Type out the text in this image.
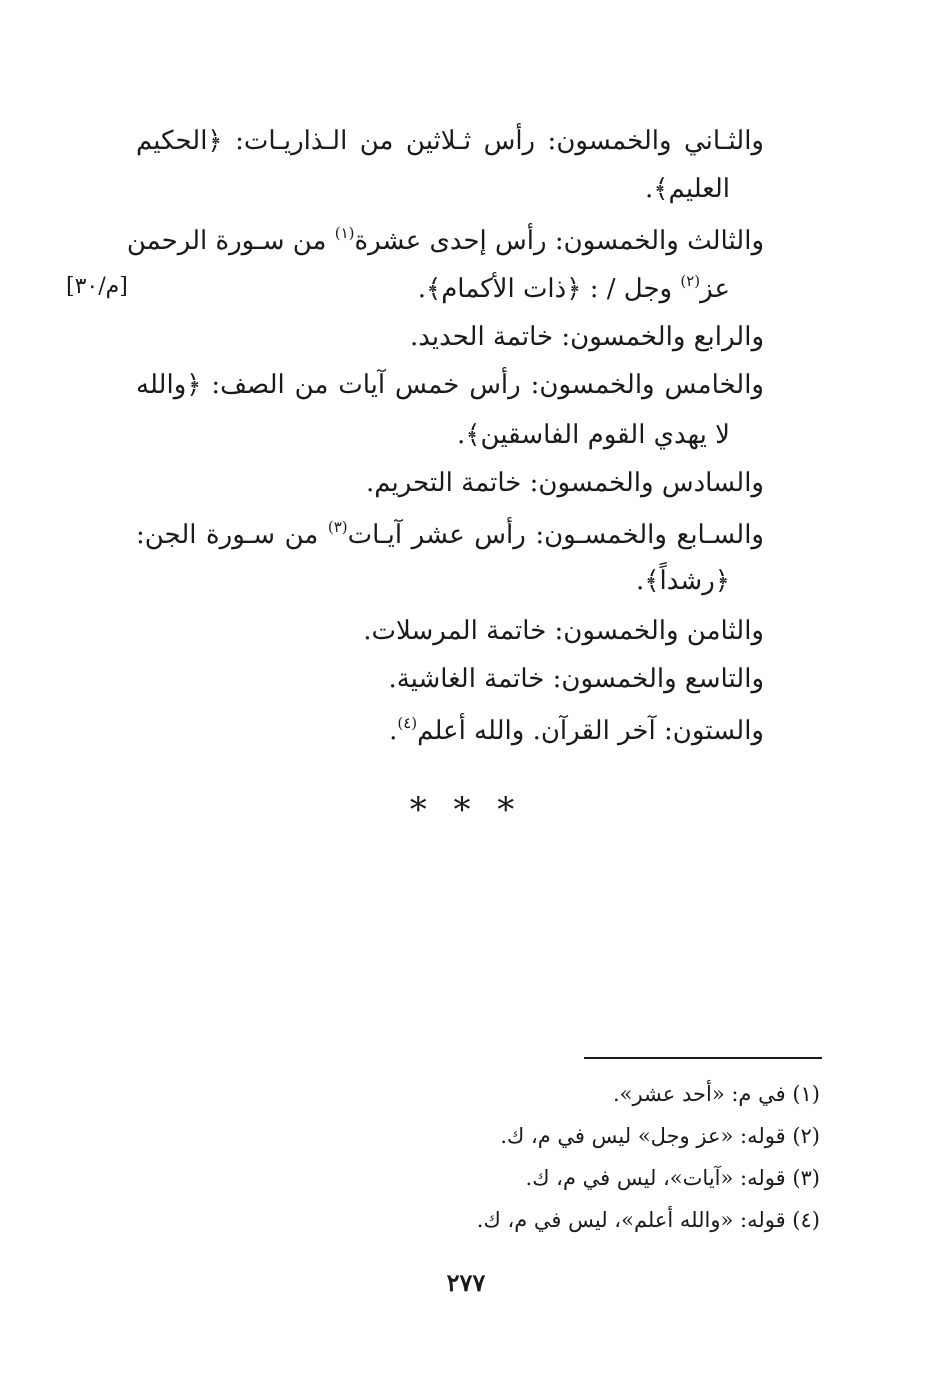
والثـاني والخمسون: رأس ثـلاثين من الـذاريـات: ﴿الحكيم
العليم﴾.
والثالث والخمسون: رأس إحدى عشرة$^{(١)}$ من سـورة الرحمن
عز$^{(٢)}$ وجل / : ﴿ذات الأكمام﴾.
والرابع والخمسون: خاتمة الحديد.
والخامس والخمسون: رأس خمس آيات من الصف: ﴿والله
لا يهدي القوم الفاسقين﴾.
والسادس والخمسون: خاتمة التحريم.
والسـابع والخمسـون: رأس عشر آيـات$^{(٣)}$ من سـورة الجن:
﴿رشداً﴾.
والثامن والخمسون: خاتمة المرسلات.
والتاسع والخمسون: خاتمة الغاشية.
والستون: آخر القرآن. والله أعلم$^{(٤)}$.
[م/٣٠]
* * *
(١) في م: «أحد عشر».
(٢) قوله: «عز وجل» ليس في م، ك.
(٣) قوله: «آيات»، ليس في م، ك.
(٤) قوله: «والله أعلم»، ليس في م، ك.
٢٧٧
